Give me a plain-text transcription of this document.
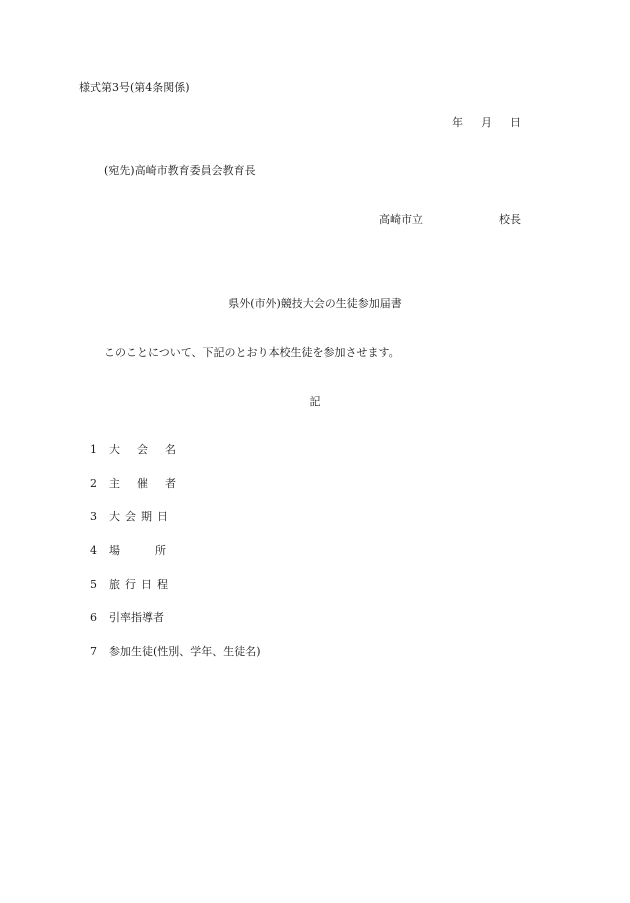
様式第3号(第4条関係)
年 月 日
(宛先)高崎市教育委員会教育長
高崎市立	校長
県外(市外)競技大会の生徒参加届書
このことについて、下記のとおり本校生徒を参加させます。
記
1 大会名
2 主催者
3 大会期日
4 場所
5 旅行日程
6 引率指導者
7 参加生徒(性別、学年、生徒名)
